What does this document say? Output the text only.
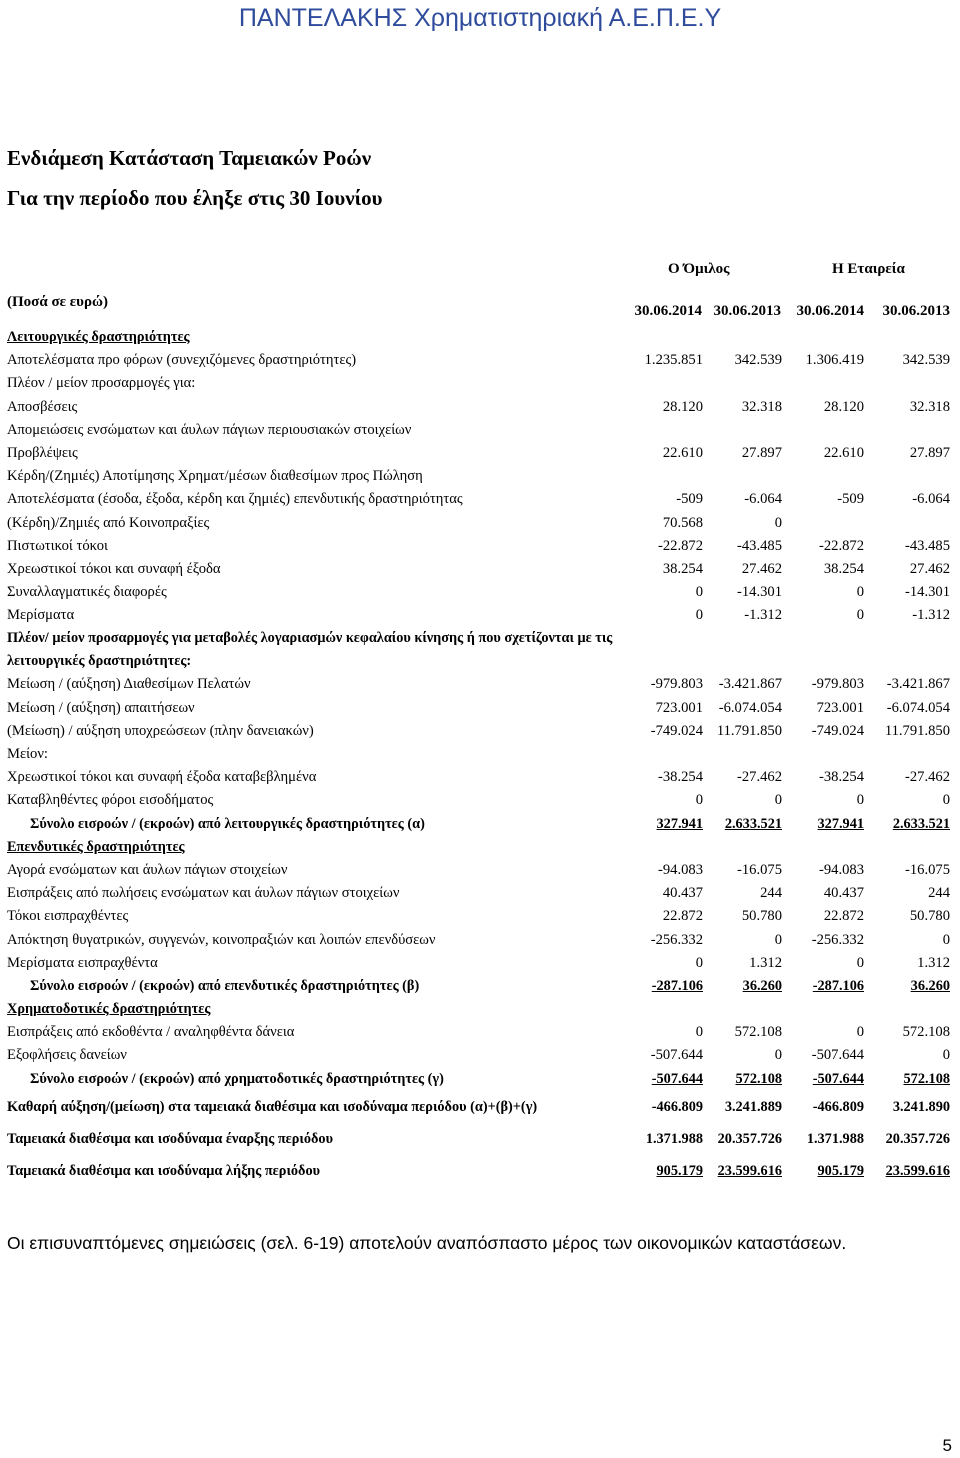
ΠΑΝΤΕΛΑΚΗΣ Χρηματιστηριακή Α.Ε.Π.Ε.Υ
Ενδιάμεση Κατάσταση Ταμειακών Ροών
Για την περίοδο που έληξε στις 30 Ιουνίου
Ο Όμιλος	Η Εταιρεία
(Ποσά σε ευρώ)
30.06.2014 30.06.2013	30.06.2014	30.06.2013
Λειτουργικές δραστηριότητες
Αποτελέσματα προ φόρων (συνεχιζόμενες δραστηριότητες)	1.235.851	342.539	1.306.419	342.539
Πλέον / μείον προσαρμογές για:
Αποσβέσεις	28.120	32.318	28.120	32.318
Απομειώσεις ενσώματων και άυλων πάγιων περιουσιακών στοιχείων
Προβλέψεις	22.610	27.897	22.610	27.897
Κέρδη/(Ζημιές) Αποτίμησης Χρηματ/μέσων διαθεσίμων προς Πώληση
Αποτελέσματα (έσοδα, έξοδα, κέρδη και ζημιές) επενδυτικής δραστηριότητας	-509	-6.064	-509	-6.064
(Κέρδη)/Ζημιές από Κοινοπραξίες	70.568	0
Πιστωτικοί τόκοι	-22.872	-43.485	-22.872	-43.485
Χρεωστικοί τόκοι και συναφή έξοδα	38.254	27.462	38.254	27.462
Συναλλαγματικές διαφορές	0	-14.301	0	-14.301
Μερίσματα	0	-1.312	0	-1.312
Πλέον/ μείον προσαρμογές για μεταβολές λογαριασμών κεφαλαίου κίνησης ή που σχετίζονται με τις λειτουργικές δραστηριότητες:
Μείωση / (αύξηση) Διαθεσίμων Πελατών	-979.803	-3.421.867	-979.803	-3.421.867
Μείωση / (αύξηση) απαιτήσεων	723.001	-6.074.054	723.001	-6.074.054
(Μείωση) / αύξηση υποχρεώσεων (πλην δανειακών)	-749.024 11.791.850	-749.024	11.791.850
Μείον:
Χρεωστικοί τόκοι και συναφή έξοδα καταβεβλημένα	-38.254	-27.462	-38.254	-27.462
Καταβληθέντες φόροι εισοδήματος	0	0	0	0
Σύνολο εισροών / (εκροών) από λειτουργικές δραστηριότητες (α)	327.941	2.633.521	327.941	2.633.521
Επενδυτικές δραστηριότητες
Αγορά ενσώματων και άυλων πάγιων στοιχείων	-94.083	-16.075	-94.083	-16.075
Εισπράξεις από πωλήσεις ενσώματων και άυλων πάγιων στοιχείων	40.437	244	40.437	244
Τόκοι εισπραχθέντες	22.872	50.780	22.872	50.780
Απόκτηση θυγατρικών, συγγενών, κοινοπραξιών και λοιπών επενδύσεων	-256.332	0	-256.332	0
Μερίσματα εισπραχθέντα	0	1.312	0	1.312
Σύνολο εισροών / (εκροών) από επενδυτικές δραστηριότητες (β)	-287.106	36.260	-287.106	36.260
Χρηματοδοτικές δραστηριότητες
Εισπράξεις από εκδοθέντα / αναληφθέντα δάνεια	0	572.108	0	572.108
Εξοφλήσεις δανείων	-507.644	0	-507.644	0
Σύνολο εισροών / (εκροών) από χρηματοδοτικές δραστηριότητες (γ)	-507.644	572.108	-507.644	572.108
Καθαρή αύξηση/(μείωση) στα ταμειακά διαθέσιμα και ισοδύναμα περιόδου (α)+(β)+(γ)	-466.809	3.241.889	-466.809	3.241.890
Ταμειακά διαθέσιμα και ισοδύναμα έναρξης περιόδου	1.371.988	20.357.726	1.371.988	20.357.726
Ταμειακά διαθέσιμα και ισοδύναμα λήξης περιόδου	905.179	23.599.616	905.179	23.599.616
Οι επισυναπτόμενες σημειώσεις (σελ. 6-19) αποτελούν αναπόσπαστο μέρος των οικονομικών καταστάσεων.
5
